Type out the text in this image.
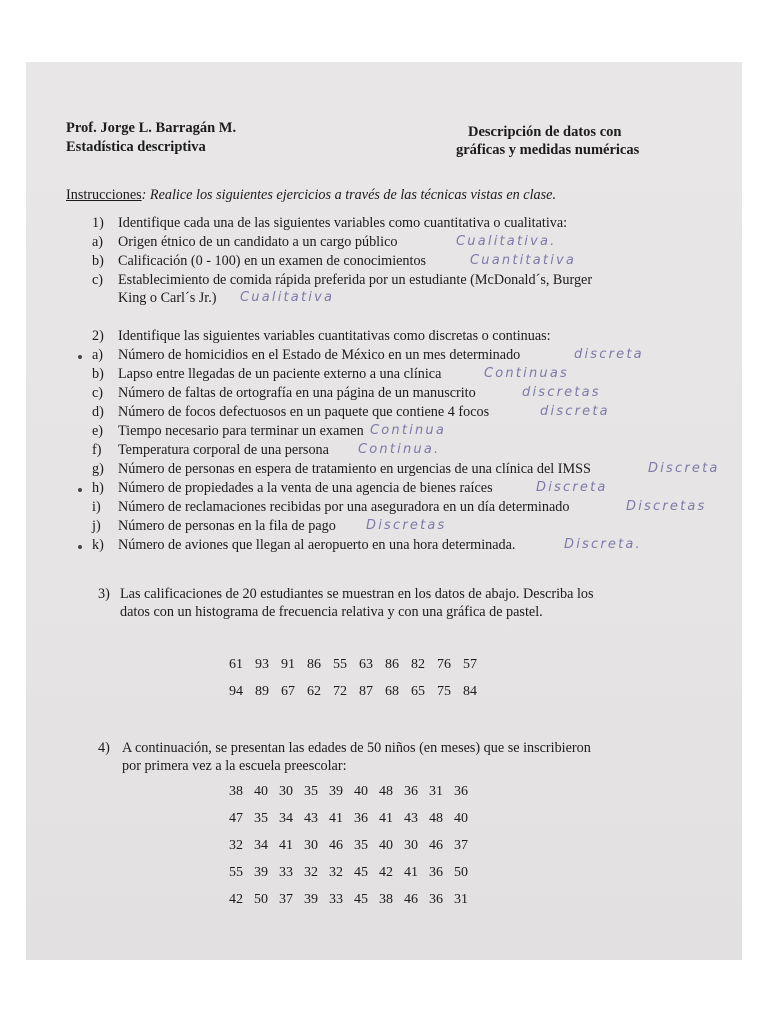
Prof. Jorge L. Barragán M.
Estadística descriptiva
Descripción de datos con
gráficas y medidas numéricas
Instrucciones: Realice los siguientes ejercicios a través de las técnicas vistas en clase.
1) Identifique cada una de las siguientes variables como cuantitativa o cualitativa:
a) Origen étnico de un candidato a un cargo público	Cualitativa.
b) Calificación (0 - 100) en un examen de conocimientos	Cuantitativa
c) Establecimiento de comida rápida preferida por un estudiante (McDonald´s, Burger
King o Carl´s Jr.) Cualitativa
2) Identifique las siguientes variables cuantitativas como discretas o continuas:
a) Número de homicidios en el Estado de México en un mes determinado	discreta
b) Lapso entre llegadas de un paciente externo a una clínica	Continuas
c) Número de faltas de ortografía en una página de un manuscrito	discretas
d) Número de focos defectuosos en un paquete que contiene 4 focos	discreta
e) Tiempo necesario para terminar un examen Continua
f) Temperatura corporal de una persona Continua.
g) Número de personas en espera de tratamiento en urgencias de una clínica del IMSS	Discreta
h) Número de propiedades a la venta de una agencia de bienes raíces	Discreta
i) Número de reclamaciones recibidas por una aseguradora en un día determinado	Discretas
j) Número de personas en la fila de pago Discretas
k) Número de aviones que llegan al aeropuerto en una hora determinada.	Discreta.
3) Las calificaciones de 20 estudiantes se muestran en los datos de abajo. Describa los
datos con un histograma de frecuencia relativa y con una gráfica de pastel.
61 93 91 86 55 63 86 82 76 57
94 89 67 62 72 87 68 65 75 84
4) A continuación, se presentan las edades de 50 niños (en meses) que se inscribieron
por primera vez a la escuela preescolar:
38 40 30 35 39 40 48 36 31 36
47 35 34 43 41 36 41 43 48 40
32 34 41 30 46 35 40 30 46 37
55 39 33 32 32 45 42 41 36 50
42 50 37 39 33 45 38 46 36 31
